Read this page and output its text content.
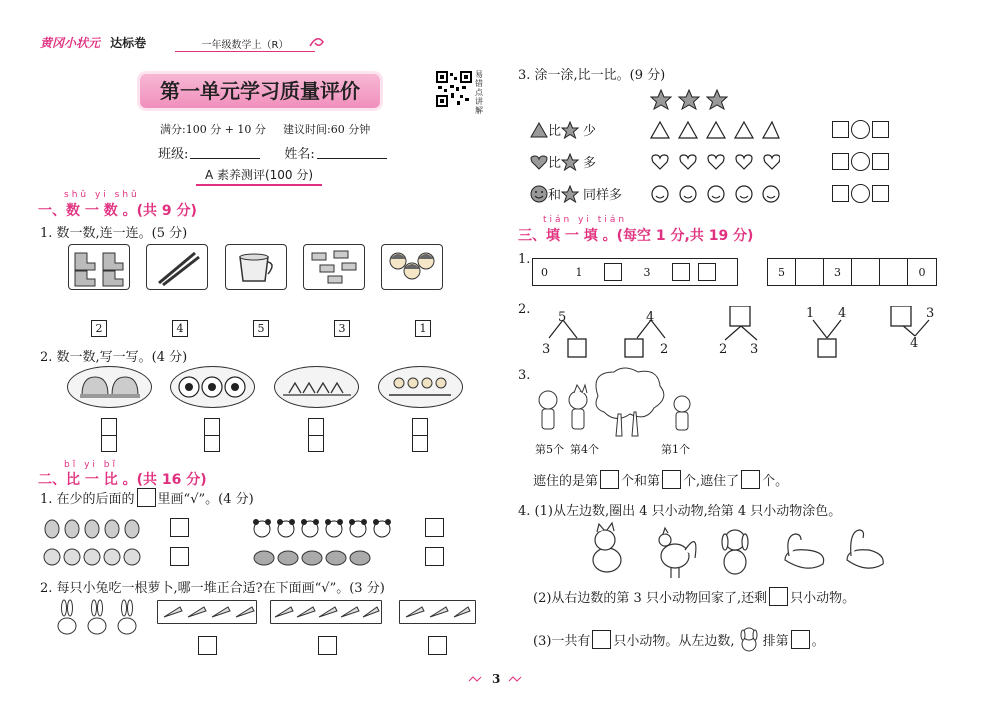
黄冈小状元 达标卷	一年级数学上（R）
第一单元学习质量评价
易错点讲解
满分:100 分 + 10 分 建议时间:60 分钟
班级:	姓名:
A 素养测评(100 分)
shǔ yi shǔ
一、数 一 数 。(共 9 分)
1. 数一数,连一连。(5 分)
2	4	5	3	1
2. 数一数,写一写。(4 分)
bǐ yi bǐ
二、比 一 比 。(共 16 分)
1. 在少的后面的 里画“√”。(4 分)
2. 每只小兔吃一根萝卜,哪一堆正合适?在下面画“√”。(3 分)
3. 涂一涂,比一比。(9 分)
比 少
比 多
和 同样多
tián yi tián
三、填 一 填 。(每空 1 分,共 19 分)
1.
0	1	3	5	3	0
2.
5
3
4
2	2 3
1 4	3
4
3.
第5个 第4个	第1个
遮住的是第 个和第 个,遮住了 个。
4. (1)从左边数,圈出 4 只小动物,给第 4 只小动物涂色。
(2)从右边数的第 3 只小动物回家了,还剩 只小动物。
(3)一共有 只小动物。从左边数, 排第 。
3
